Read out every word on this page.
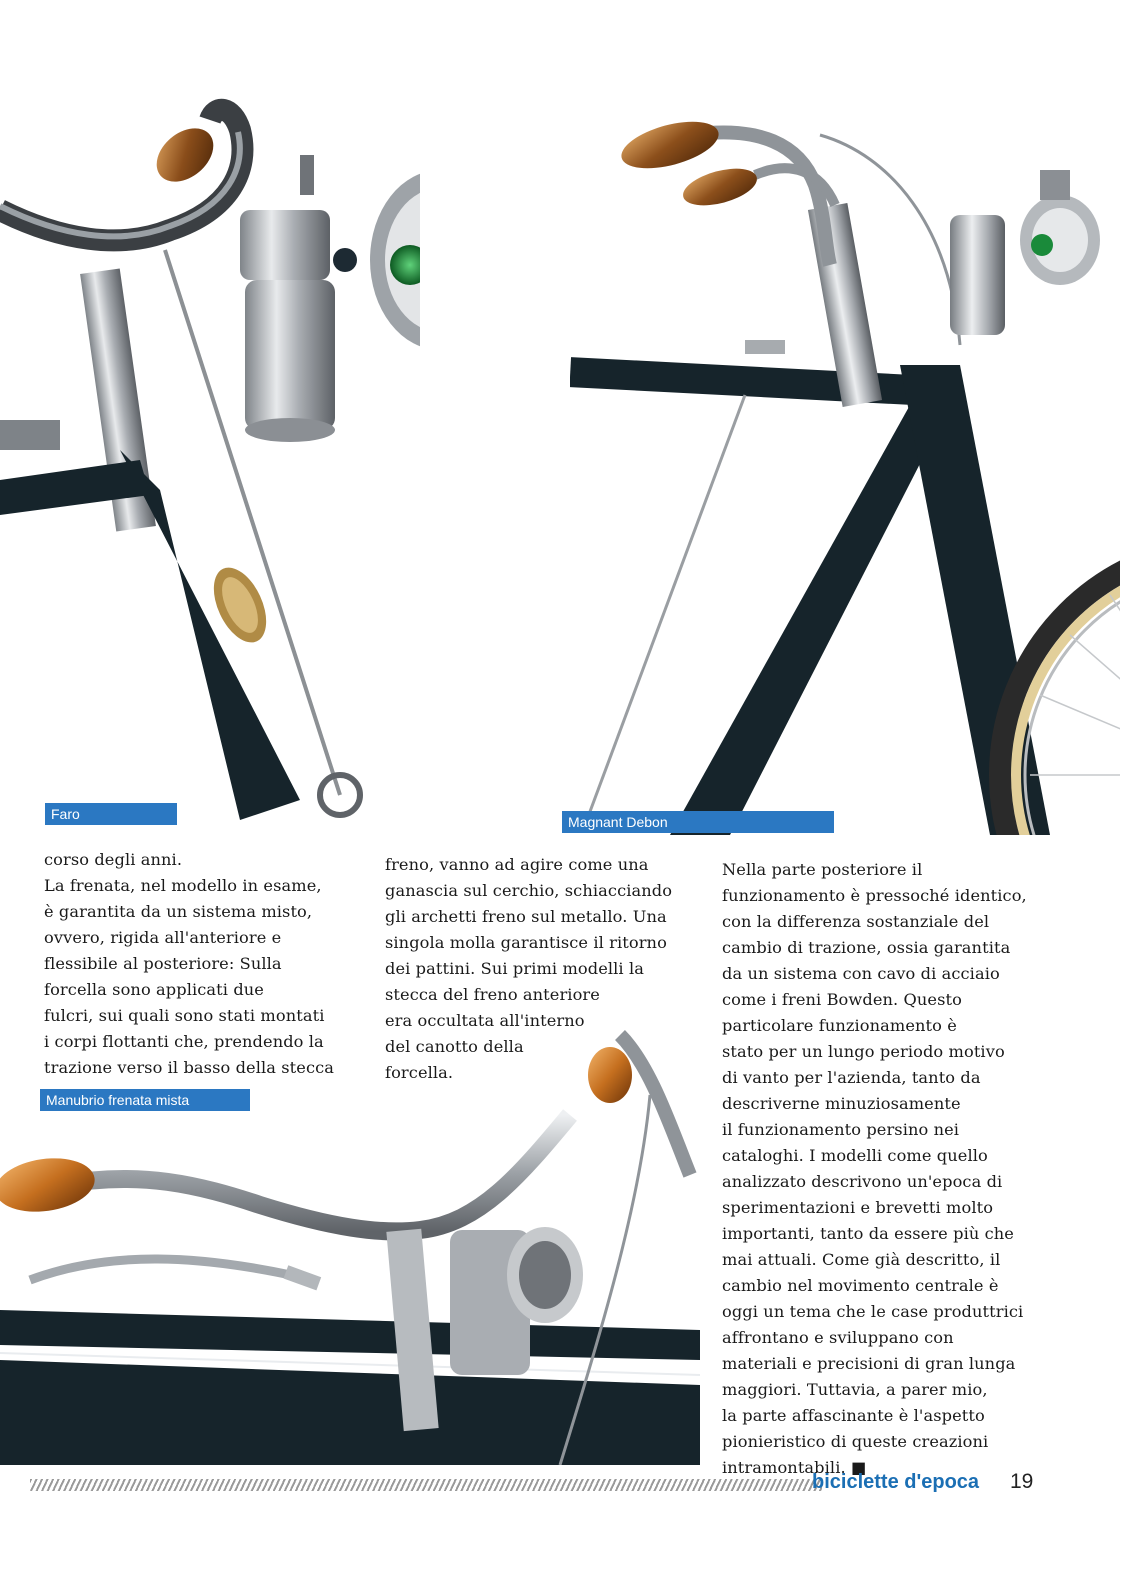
Faro	Magnant Debon

corso degli anni.

La frenata, nel modello in esame,

è garantita da un sistema misto,

ovvero, rigida all'anteriore e

flessibile al posteriore: Sulla

forcella sono applicati due

fulcri, sui quali sono stati montati

i corpi flottanti che, prendendo la

trazione verso il basso della stecca

Manubrio frenata mista

freno, vanno ad agire come una

ganascia sul cerchio, schiacciando

gli archetti freno sul metallo. Una

singola molla garantisce il ritorno

dei pattini. Sui primi modelli la

stecca del freno anteriore

era occultata all'interno

del canotto della

forcella.

Nella parte posteriore il

funzionamento è pressoché identico,

con la differenza sostanziale del

cambio di trazione, ossia garantita

da un sistema con cavo di acciaio

come i freni Bowden. Questo

particolare funzionamento è

stato per un lungo periodo motivo

di vanto per l'azienda, tanto da

descriverne minuziosamente

il funzionamento persino nei

cataloghi. I modelli come quello

analizzato descrivono un'epoca di

sperimentazioni e brevetti molto

importanti, tanto da essere più che

mai attuali. Come già descritto, il

cambio nel movimento centrale è

oggi un tema che le case produttrici

affrontano e sviluppano con

materiali e precisioni di gran lunga

maggiori. Tuttavia, a parer mio,

la parte affascinante è l'aspetto

pionieristico di queste creazioni

intramontabili. ■

biciclette d'epoca 19
